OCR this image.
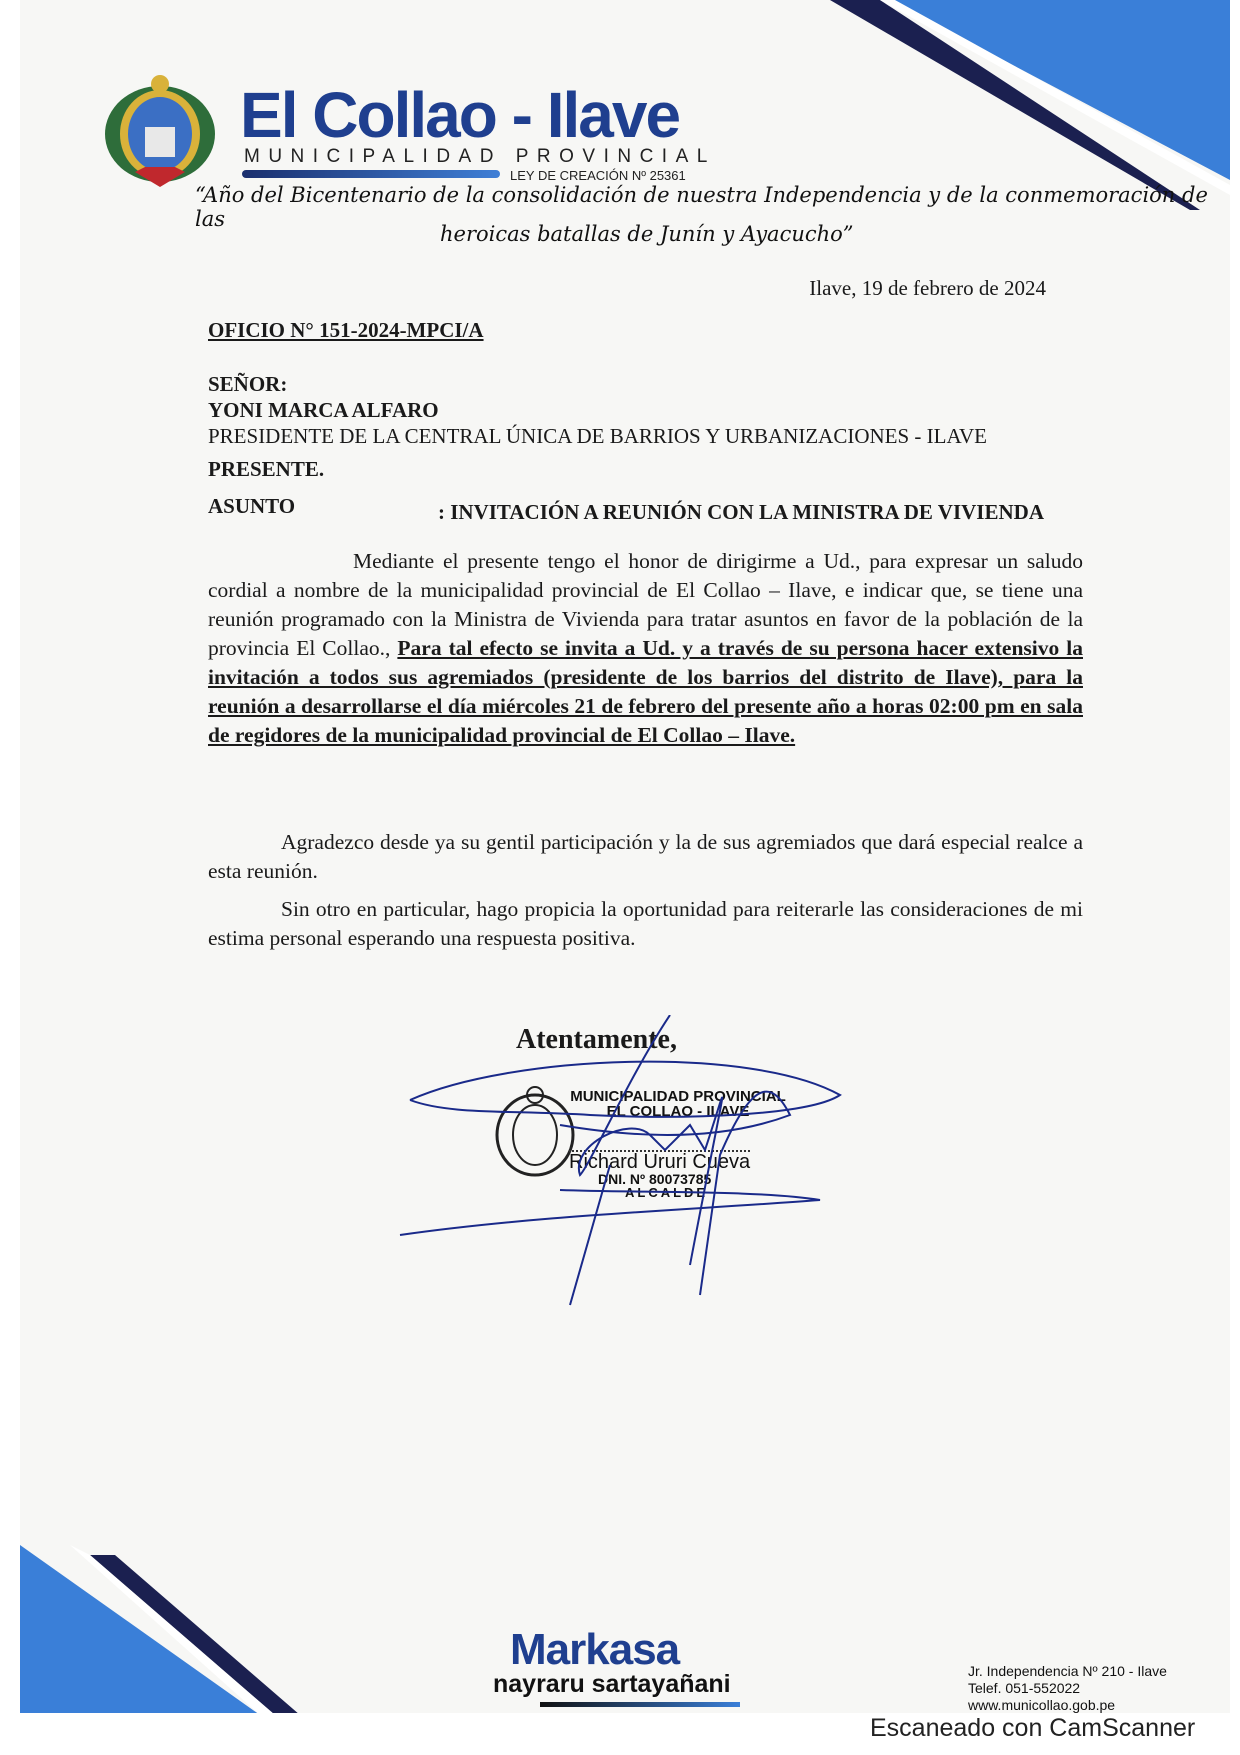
El Collao - Ilave
MUNICIPALIDAD PROVINCIAL
LEY DE CREACIÓN Nº 25361
“Año del Bicentenario de la consolidación de nuestra Independencia y de la conmemoración de las
heroicas batallas de Junín y Ayacucho”
Ilave, 19 de febrero de 2024
OFICIO N° 151-2024-MPCI/A
SEÑOR:
YONI MARCA ALFARO
PRESIDENTE DE LA CENTRAL ÚNICA DE BARRIOS Y URBANIZACIONES - ILAVE
PRESENTE.
ASUNTO	: INVITACIÓN A REUNIÓN CON LA MINISTRA DE VIVIENDA
Mediante el presente tengo el honor de dirigirme a Ud., para expresar un saludo cordial a nombre de la municipalidad provincial de El Collao – Ilave, e indicar que, se tiene una reunión programado con la Ministra de Vivienda para tratar asuntos en favor de la población de la provincia El Collao., Para tal efecto se invita a Ud. y a través de su persona hacer extensivo la invitación a todos sus agremiados (presidente de los barrios del distrito de Ilave), para la reunión a desarrollarse el día miércoles 21 de febrero del presente año a horas 02:00 pm en sala de regidores de la municipalidad provincial de El Collao – Ilave.
Agradezco desde ya su gentil participación y la de sus agremiados que dará especial realce a esta reunión.
Sin otro en particular, hago propicia la oportunidad para reiterarle las consideraciones de mi estima personal esperando una respuesta positiva.
Atentamente,
MUNICIPALIDAD PROVINCIAL
EL COLLAO - ILAVE
Richard Ururi Cueva
DNI. Nº 80073785
ALCALDE
Markasa
nayraru sartayañani	Jr. Independencia Nº 210 - Ilave
Telef. 051-552022
www.municollao.gob.pe
Escaneado con CamScanner
